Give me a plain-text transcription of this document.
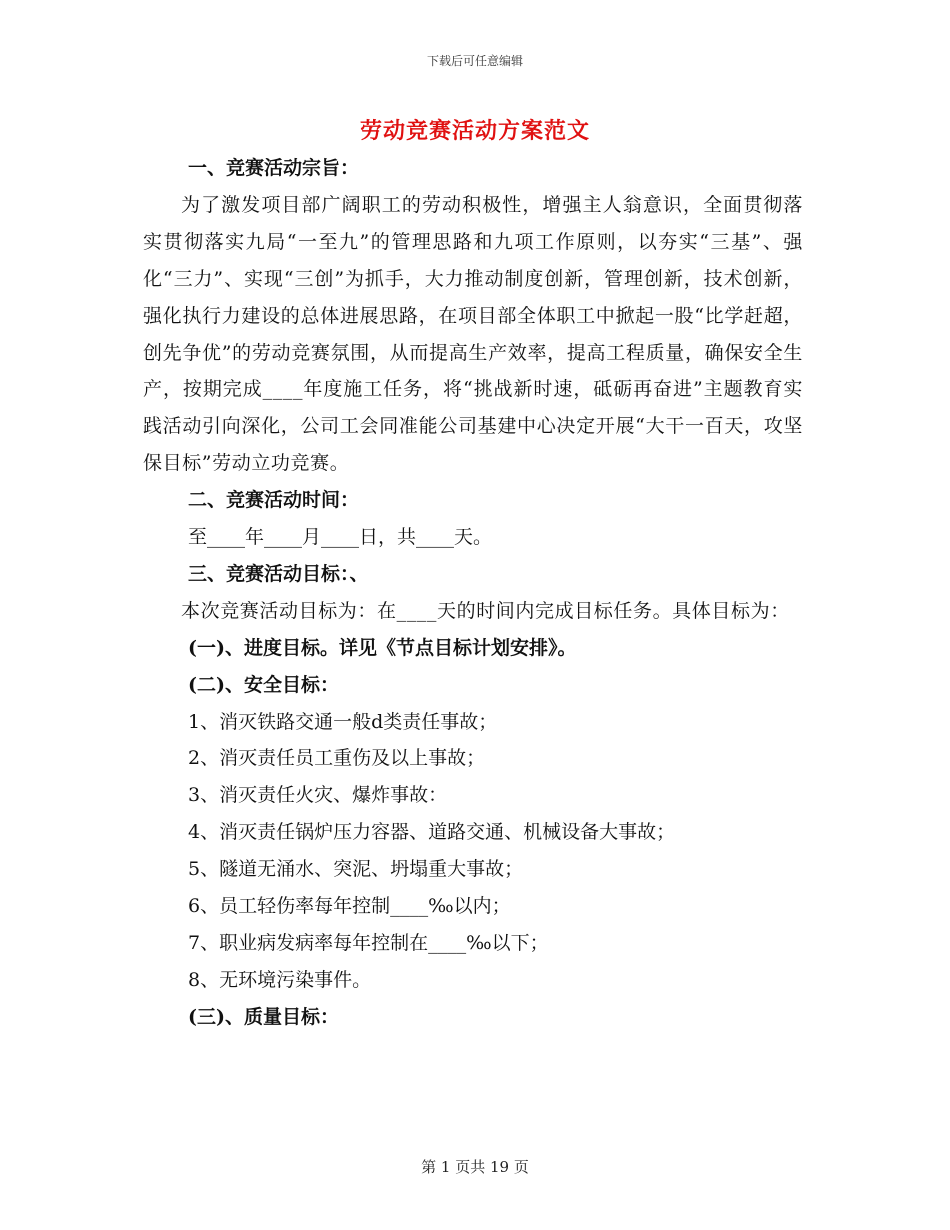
下载后可任意编辑
劳动竞赛活动方案范文
一、竞赛活动宗旨：
为了激发项目部广阔职工的劳动积极性，增强主人翁意识，全面贯彻落实贯彻落实九局“一至九”的管理思路和九项工作原则，以夯实“三基”、强化“三力”、实现“三创”为抓手，大力推动制度创新，管理创新，技术创新，强化执行力建设的总体进展思路，在项目部全体职工中掀起一股“比学赶超，创先争优”的劳动竞赛氛围，从而提高生产效率，提高工程质量，确保安全生产，按期完成____年度施工任务，将“挑战新时速，砥砺再奋进”主题教育实践活动引向深化，公司工会同准能公司基建中心决定开展“大干一百天，攻坚保目标”劳动立功竞赛。
二、竞赛活动时间：
至____年____月____日，共____天。
三、竞赛活动目标：、
本次竞赛活动目标为：在____天的时间内完成目标任务。具体目标为：
(一)、进度目标。详见《节点目标计划安排》。
(二)、安全目标：
1、消灭铁路交通一般d类责任事故；
2、消灭责任员工重伤及以上事故；
3、消灭责任火灾、爆炸事故：
4、消灭责任锅炉压力容器、道路交通、机械设备大事故；
5、隧道无涌水、突泥、坍塌重大事故；
6、员工轻伤率每年控制____‰以内；
7、职业病发病率每年控制在____‰以下；
8、无环境污染事件。
(三)、质量目标：
第 1 页共 19 页
